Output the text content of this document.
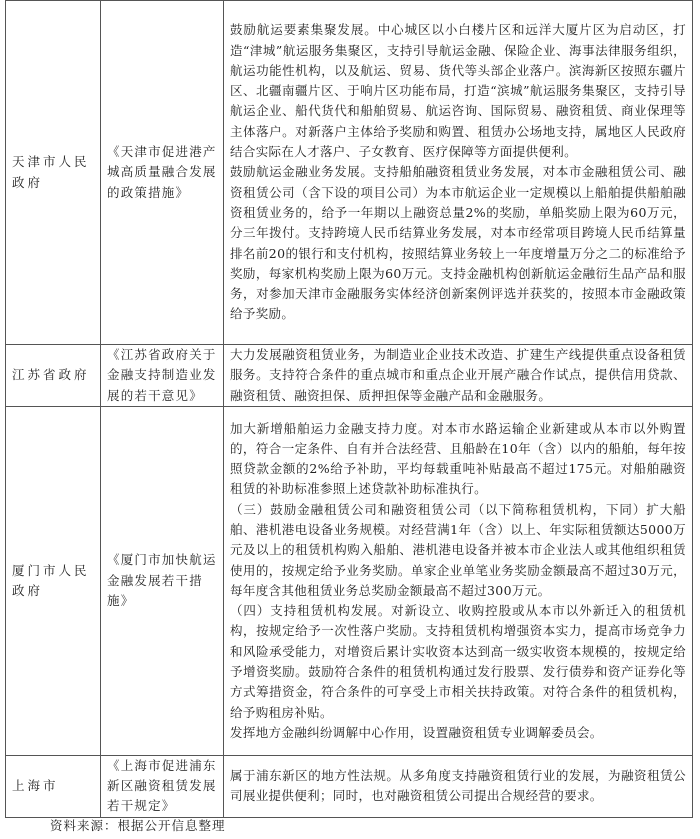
天津市人民政府	《天津市促进港产城高质量融合发展的政策措施》	鼓励航运要素集聚发展。中心城区以小白楼片区和远洋大厦片区为启动区，打造“津城”航运服务集聚区，支持引导航运金融、保险企业、海事法律服务组织，航运功能性机构，以及航运、贸易、货代等头部企业落户。滨海新区按照东疆片区、北疆南疆片区、于响片区功能布局，打造“滨城”航运服务集聚区，支持引导航运企业、船代货代和船舶贸易、航运咨询、国际贸易、融资租赁、商业保理等主体落户。对新落户主体给予奖励和购置、租赁办公场地支持，属地区人民政府结合实际在人才落户、子女教育、医疗保障等方面提供便利。

鼓励航运金融业务发展。支持船舶融资租赁业务发展，对本市金融租赁公司、融资租赁公司（含下设的项目公司）为本市航运企业一定规模以上船舶提供船舶融资租赁业务的，给予一年期以上融资总量2%的奖励，单船奖励上限为60万元，分三年拨付。支持跨境人民币结算业务发展，对本市经常项目跨境人民币结算量排名前20的银行和支付机构，按照结算业务较上一年度增量万分之二的标准给予奖励，每家机构奖励上限为60万元。支持金融机构创新航运金融衍生品产品和服务，对参加天津市金融服务实体经济创新案例评选并获奖的，按照本市金融政策给予奖励。

江苏省政府	《江苏省政府关于金融支持制造业发展的若干意见》	大力发展融资租赁业务，为制造业企业技术改造、扩建生产线提供重点设备租赁服务。支持符合条件的重点城市和重点企业开展产融合作试点，提供信用贷款、融资租赁、融资担保、质押担保等金融产品和金融服务。

厦门市人民政府	《厦门市加快航运金融发展若干措施》	加大新增船舶运力金融支持力度。对本市水路运输企业新建或从本市以外购置的，符合一定条件、自有并合法经营、且船龄在10年（含）以内的船舶，每年按照贷款金额的2%给予补助，平均每载重吨补贴最高不超过175元。对船舶融资租赁的补助标准参照上述贷款补助标准执行。

（三）鼓励金融租赁公司和融资租赁公司（以下简称租赁机构，下同）扩大船舶、港机港电设备业务规模。对经营满1年（含）以上、年实际租赁额达5000万元及以上的租赁机构购入船舶、港机港电设备并被本市企业法人或其他组织租赁使用的，按规定给予业务奖励。单家企业单笔业务奖励金额最高不超过30万元，每年度含其他租赁业务总奖励金额最高不超过300万元。

（四）支持租赁机构发展。对新设立、收购控股或从本市以外新迁入的租赁机构，按规定给予一次性落户奖励。支持租赁机构增强资本实力，提高市场竞争力和风险承受能力，对增资后累计实收资本达到高一级实收资本规模的，按规定给予增资奖励。鼓励符合条件的租赁机构通过发行股票、发行债券和资产证券化等方式筹措资金，符合条件的可享受上市相关扶持政策。对符合条件的租赁机构，给予购租房补贴。

发挥地方金融纠纷调解中心作用，设置融资租赁专业调解委员会。

上海市	《上海市促进浦东新区融资租赁发展若干规定》	属于浦东新区的地方性法规。从多角度支持融资租赁行业的发展，为融资租赁公司展业提供便利；同时，也对融资租赁公司提出合规经营的要求。

资料来源：根据公开信息整理
